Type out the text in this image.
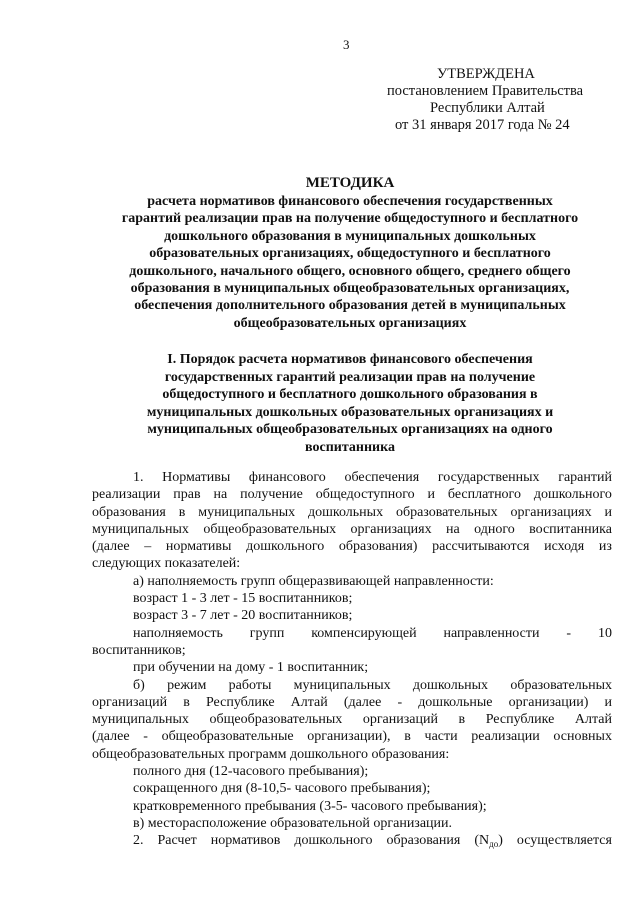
3
УТВЕРЖДЕНА
постановлением Правительства
Республики Алтай
от 31 января 2017 года № 24
МЕТОДИКА
расчета нормативов финансового обеспечения государственных
гарантий реализации прав на получение общедоступного и бесплатного
дошкольного образования в муниципальных дошкольных
образовательных организациях, общедоступного и бесплатного
дошкольного, начального общего, основного общего, среднего общего
образования в муниципальных общеобразовательных организациях,
обеспечения дополнительного образования детей в муниципальных
общеобразовательных организациях
I. Порядок расчета нормативов финансового обеспечения
государственных гарантий реализации прав на получение
общедоступного и бесплатного дошкольного образования в
муниципальных дошкольных образовательных организациях и
муниципальных общеобразовательных организациях на одного
воспитанника
1. Нормативы финансового обеспечения государственных гарантий
реализации прав на получение общедоступного и бесплатного дошкольного
образования в муниципальных дошкольных образовательных организациях и
муниципальных общеобразовательных организациях на одного воспитанника
(далее – нормативы дошкольного образования) рассчитываются исходя из
следующих показателей:
а) наполняемость групп общеразвивающей направленности:
возраст 1 - 3 лет - 15 воспитанников;
возраст 3 - 7 лет - 20 воспитанников;
наполняемость групп компенсирующей направленности - 10
воспитанников;
при обучении на дому - 1 воспитанник;
б) режим работы муниципальных дошкольных образовательных
организаций в Республике Алтай (далее - дошкольные организации) и
муниципальных общеобразовательных организаций в Республике Алтай
(далее - общеобразовательные организации), в части реализации основных
общеобразовательных программ дошкольного образования:
полного дня (12-часового пребывания);
сокращенного дня (8-10,5- часового пребывания);
кратковременного пребывания (3-5- часового пребывания);
в) месторасположение образовательной организации.
2. Расчет нормативов дошкольного образования $(N_{до})$ осуществляется
